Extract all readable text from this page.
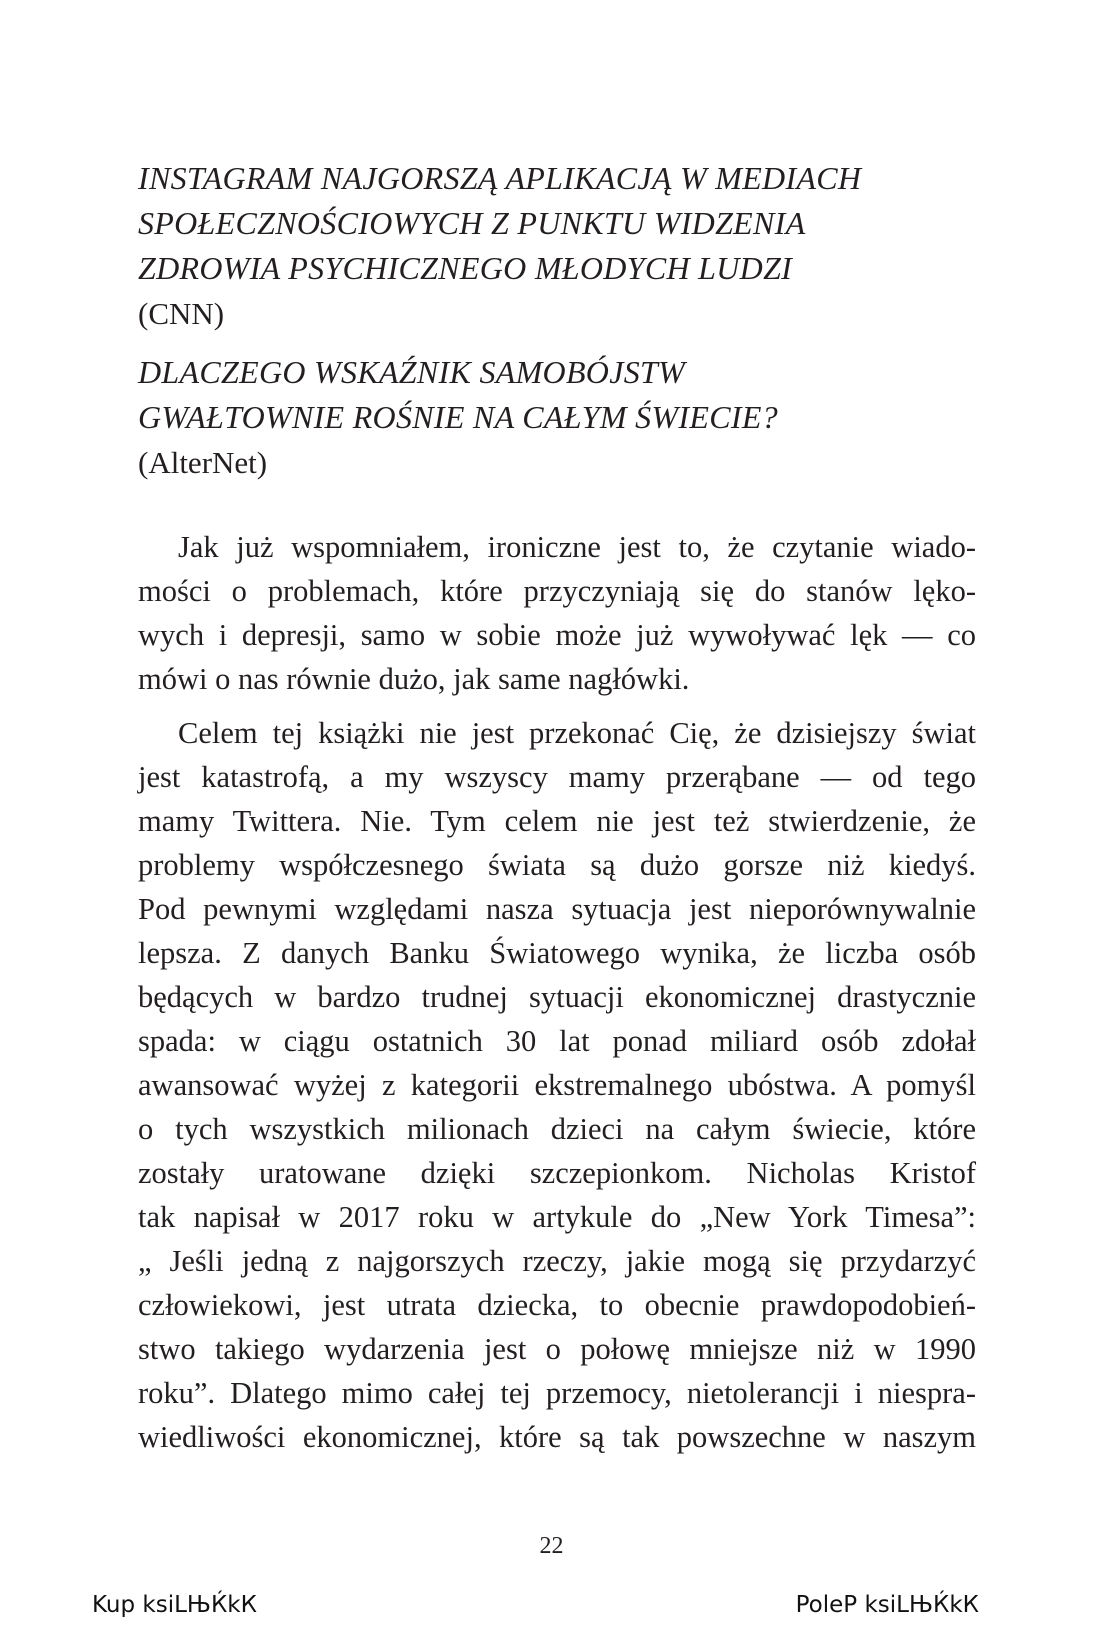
INSTAGRAM NAJGORSZĄ APLIKACJĄ W MEDIACH
SPOŁECZNOŚCIOWYCH Z PUNKTU WIDZENIA
ZDROWIA PSYCHICZNEGO MŁODYCH LUDZI

(CNN)

DLACZEGO WSKAŹNIK SAMOBÓJSTW
GWAŁTOWNIE ROŚNIE NA CAŁYM ŚWIECIE?

(AlterNet)

Jak już wspomniałem, ironiczne jest to, że czytanie wiado-
mości o problemach, które przyczyniają się do stanów lęko-
wych i depresji, samo w sobie może już wywoływać lęk — co
mówi o nas równie dużo, jak same nagłówki.
Celem tej książki nie jest przekonać Cię, że dzisiejszy świat
jest katastrofą, a my wszyscy mamy przerąbane — od tego
mamy Twittera. Nie. Tym celem nie jest też stwierdzenie, że
problemy współczesnego świata są dużo gorsze niż kiedyś.
Pod pewnymi względami nasza sytuacja jest nieporównywalnie
lepsza. Z danych Banku Światowego wynika, że liczba osób
będących w bardzo trudnej sytuacji ekonomicznej drastycznie
spada: w ciągu ostatnich 30 lat ponad miliard osób zdołał
awansować wyżej z kategorii ekstremalnego ubóstwa. A pomyśl
o tych wszystkich milionach dzieci na całym świecie, które
zostały uratowane dzięki szczepionkom. Nicholas Kristof
tak napisał w 2017 roku w artykule do „New York Timesa”:
„ Jeśli jedną z najgorszych rzeczy, jakie mogą się przydarzyć
człowiekowi, jest utrata dziecka, to obecnie prawdopodobień-
stwo takiego wydarzenia jest o połowę mniejsze niż w 1990
roku”. Dlatego mimo całej tej przemocy, nietolerancji i niespra-
wiedliwości ekonomicznej, które są tak powszechne w naszym
22
Kup ksiLЊЌkК	PoleP ksiLЊЌkК
